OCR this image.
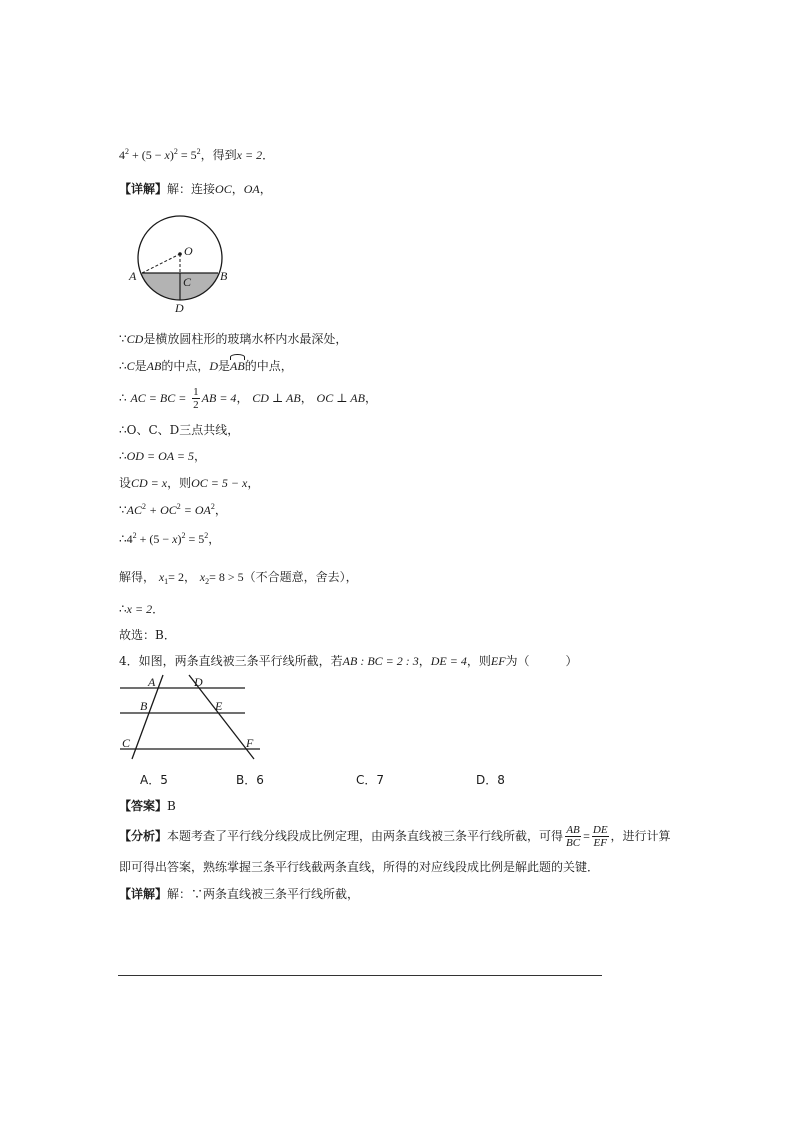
$4^2 + (5 - x)^2 = 5^2$，得到x = 2．
【详解】解：连接OC，OA，
O
A	B
C
D
∵CD是横放圆柱形的玻璃水杯内水最深处，
∴C是AB的中点，D是AB的中点，
∴ AC = BC = $\frac{1}{2}$ AB = 4， CD ⊥ AB， OC ⊥ AB，
∴O、C、D三点共线，
∴OD = OA = 5，
设CD = x，则OC = 5 − x，
$\because AC^2 + OC^2 = OA^2$，
$\therefore 4^2 + (5 - x)^2 = 5^2$，
解得， $x_1= 2$， $x_2= 8 > 5$（不合题意，舍去），
∴x = 2．
故选：B．
4．如图，两条直线被三条平行线所截，若AB : BC = 2 : 3，DE = 4，则EF为（　　　）
A	D
B	E
C	F
A．5	B．6	C．7	D．8
【答案】B
【分析】本题考查了平行线分线段成比例定理，由两条直线被三条平行线所截，可得 $\frac{AB}{BC} = \frac{DE}{EF}$ ，进行计算
即可得出答案，熟练掌握三条平行线截两条直线，所得的对应线段成比例是解此题的关键．
【详解】解：∵两条直线被三条平行线所截，
